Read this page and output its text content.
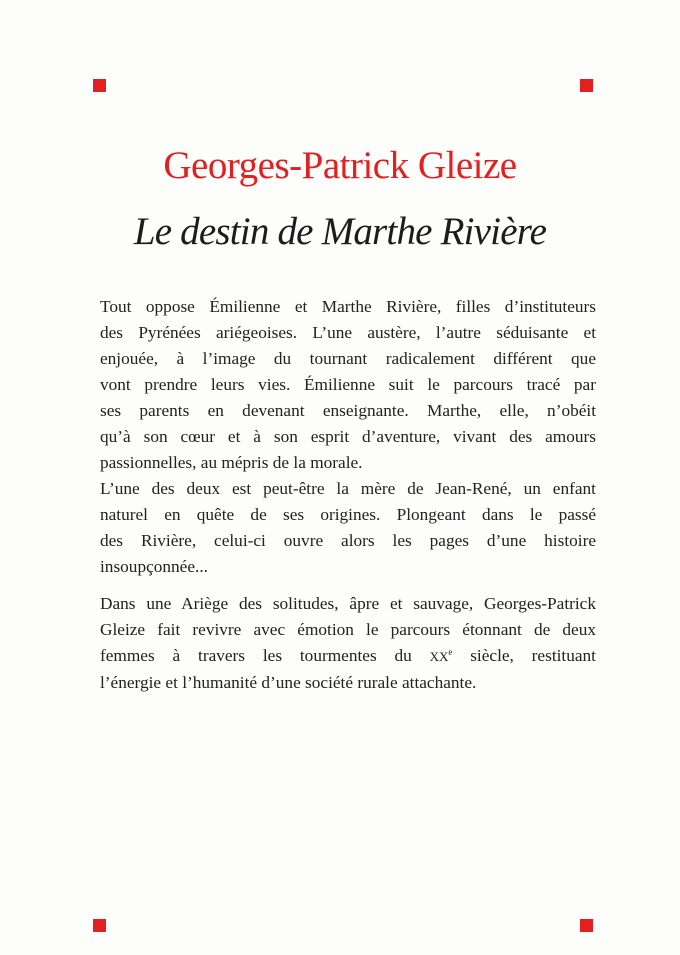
Georges-Patrick Gleize
Le destin de Marthe Rivière

Tout oppose Émilienne et Marthe Rivière, filles d’instituteurs
des Pyrénées ariégeoises. L’une austère, l’autre séduisante et
enjouée, à l’image du tournant radicalement différent que
vont prendre leurs vies. Émilienne suit le parcours tracé par
ses parents en devenant enseignante. Marthe, elle, n’obéit
qu’à son cœur et à son esprit d’aventure, vivant des amours
passionnelles, au mépris de la morale.

L’une des deux est peut-être la mère de Jean-René, un enfant
naturel en quête de ses origines. Plongeant dans le passé
des Rivière, celui-ci ouvre alors les pages d’une histoire
insoupçonnée...

Dans une Ariège des solitudes, âpre et sauvage, Georges-Patrick
Gleize fait revivre avec émotion le parcours étonnant de deux
femmes à travers les tourmentes du XXe siècle, restituant
l’énergie et l’humanité d’une société rurale attachante.
